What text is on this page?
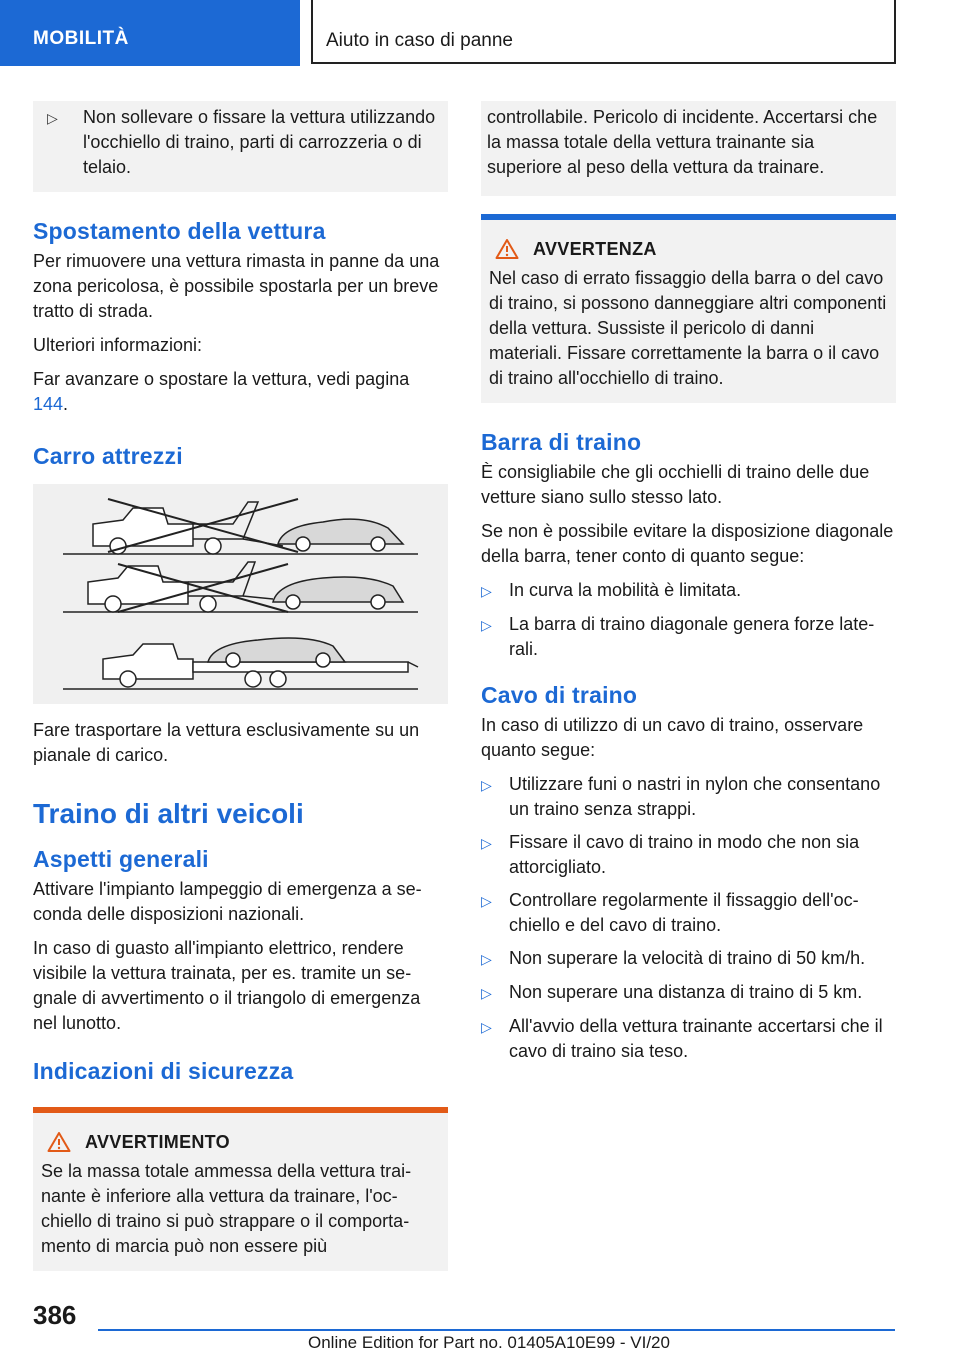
MOBILITÀ	Aiuto in caso di panne
▷	Non sollevare o fissare la vettura utilizzando l'occhiello di traino, parti di carrozzeria o di telaio.
Spostamento della vettura

Per rimuovere una vettura rimasta in panne da una zona pericolosa, è possibile spostarla per un breve tratto di strada.

Ulteriori informazioni:

Far avanzare o spostare la vettura, vedi pagina 144.

Carro attrezzi

Fare trasportare la vettura esclusivamente su un pianale di carico.

Traino di altri veicoli
Aspetti generali

Attivare l'impianto lampeggio di emergenza a seconda delle disposizioni nazionali.

In caso di guasto all'impianto elettrico, rendere visibile la vettura trainata, per es. tramite un segnale di avvertimento o il triangolo di emergenza nel lunotto.

Indicazioni di sicurezza
AVVERTIMENTO

Se la massa totale ammessa della vettura trainante è inferiore alla vettura da trainare, l'occhiello di traino si può strappare o il comportamento di marcia può non essere più

controllabile. Pericolo di incidente. Accertarsi che la massa totale della vettura trainante sia superiore al peso della vettura da trainare.

AVVERTENZA

Nel caso di errato fissaggio della barra o del cavo di traino, si possono danneggiare altri componenti della vettura. Sussiste il pericolo di danni materiali. Fissare correttamente la barra o il cavo di traino all'occhiello di traino.

Barra di traino

È consigliabile che gli occhielli di traino delle due vetture siano sullo stesso lato.

Se non è possibile evitare la disposizione diagonale della barra, tener conto di quanto segue:

▷ In curva la mobilità è limitata.
▷ La barra di traino diagonale genera forze laterali.
Cavo di traino

In caso di utilizzo di un cavo di traino, osservare quanto segue:

▷ Utilizzare funi o nastri in nylon che consentano un traino senza strappi.
▷ Fissare il cavo di traino in modo che non sia attorcigliato.
▷ Controllare regolarmente il fissaggio dell'occhiello e del cavo di traino.
▷ Non superare la velocità di traino di 50 km/h.
▷ Non superare una distanza di traino di 5 km.
▷ All'avvio della vettura trainante accertarsi che il cavo di traino sia teso.
386
Online Edition for Part no. 01405A10E99 - VI/20
